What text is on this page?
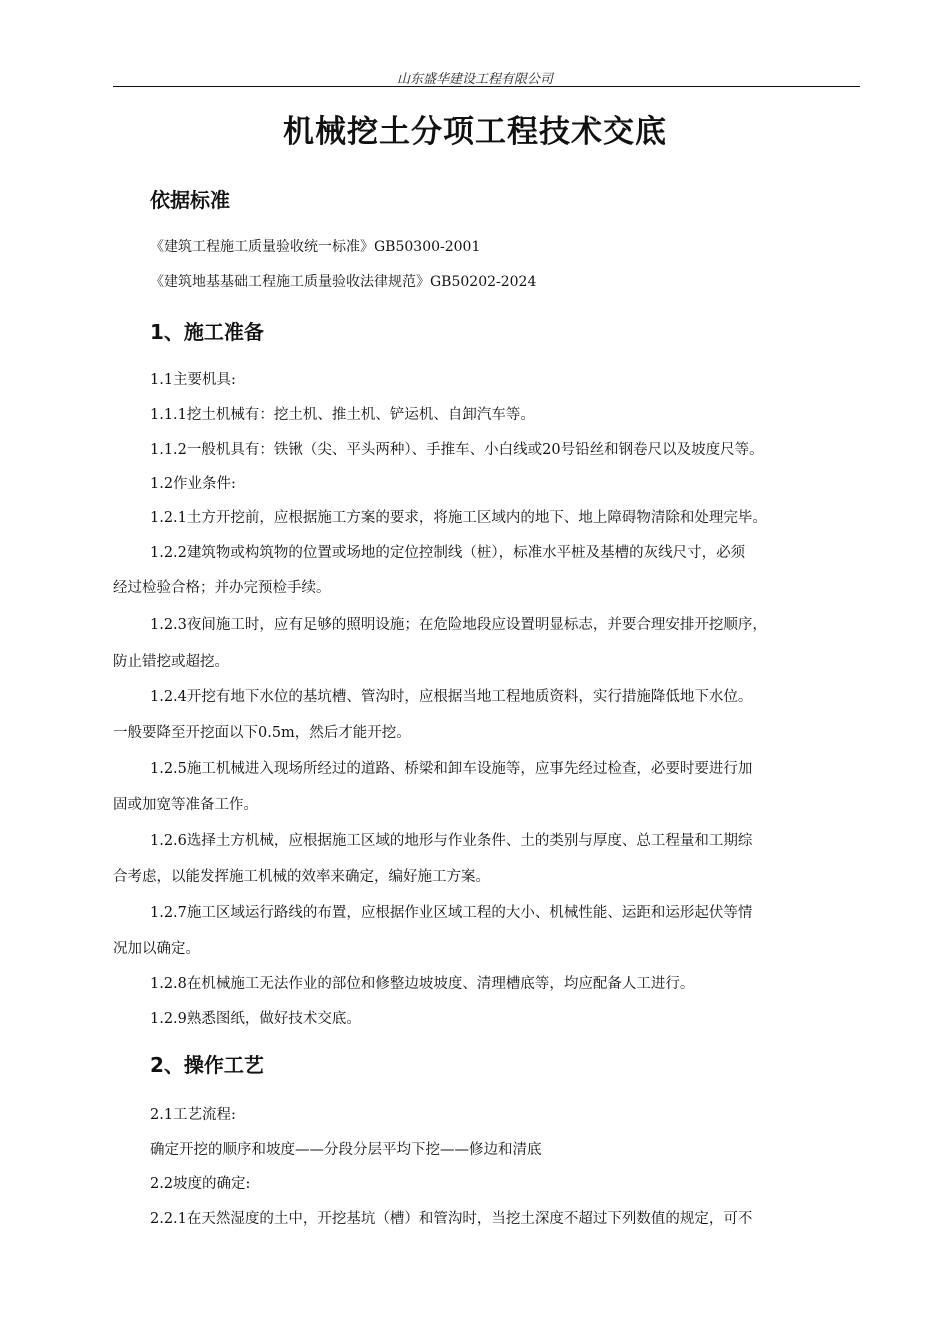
山东盛华建设工程有限公司
机械挖土分项工程技术交底
依据标准
《建筑工程施工质量验收统一标准》GB50300-2001
《建筑地基基础工程施工质量验收法律规范》GB50202-2024
1、施工准备
1.1主要机具:
1.1.1挖土机械有：挖土机、推土机、铲运机、自卸汽车等。
1.1.2一般机具有：铁锹（尖、平头两种）、手推车、小白线或20号铅丝和钢卷尺以及坡度尺等。
1.2作业条件:
1.2.1土方开挖前，应根据施工方案的要求，将施工区域内的地下、地上障碍物清除和处理完毕。
1.2.2建筑物或构筑物的位置或场地的定位控制线（桩），标准水平桩及基槽的灰线尺寸，必须
经过检验合格；并办完预检手续。
1.2.3夜间施工时，应有足够的照明设施；在危险地段应设置明显标志，并要合理安排开挖顺序，
防止错挖或超挖。
1.2.4开挖有地下水位的基坑槽、管沟时，应根据当地工程地质资料，实行措施降低地下水位。
一般要降至开挖面以下0.5m，然后才能开挖。
1.2.5施工机械进入现场所经过的道路、桥梁和卸车设施等，应事先经过检查，必要时要进行加
固或加宽等准备工作。
1.2.6选择土方机械，应根据施工区域的地形与作业条件、土的类别与厚度、总工程量和工期综
合考虑，以能发挥施工机械的效率来确定，编好施工方案。
1.2.7施工区域运行路线的布置，应根据作业区域工程的大小、机械性能、运距和运形起伏等情
况加以确定。
1.2.8在机械施工无法作业的部位和修整边坡坡度、清理槽底等，均应配备人工进行。
1.2.9熟悉图纸，做好技术交底。
2、操作工艺
2.1工艺流程:
确定开挖的顺序和坡度——分段分层平均下挖——修边和清底
2.2坡度的确定:
2.2.1在天然湿度的土中，开挖基坑（槽）和管沟时，当挖土深度不超过下列数值的规定，可不
